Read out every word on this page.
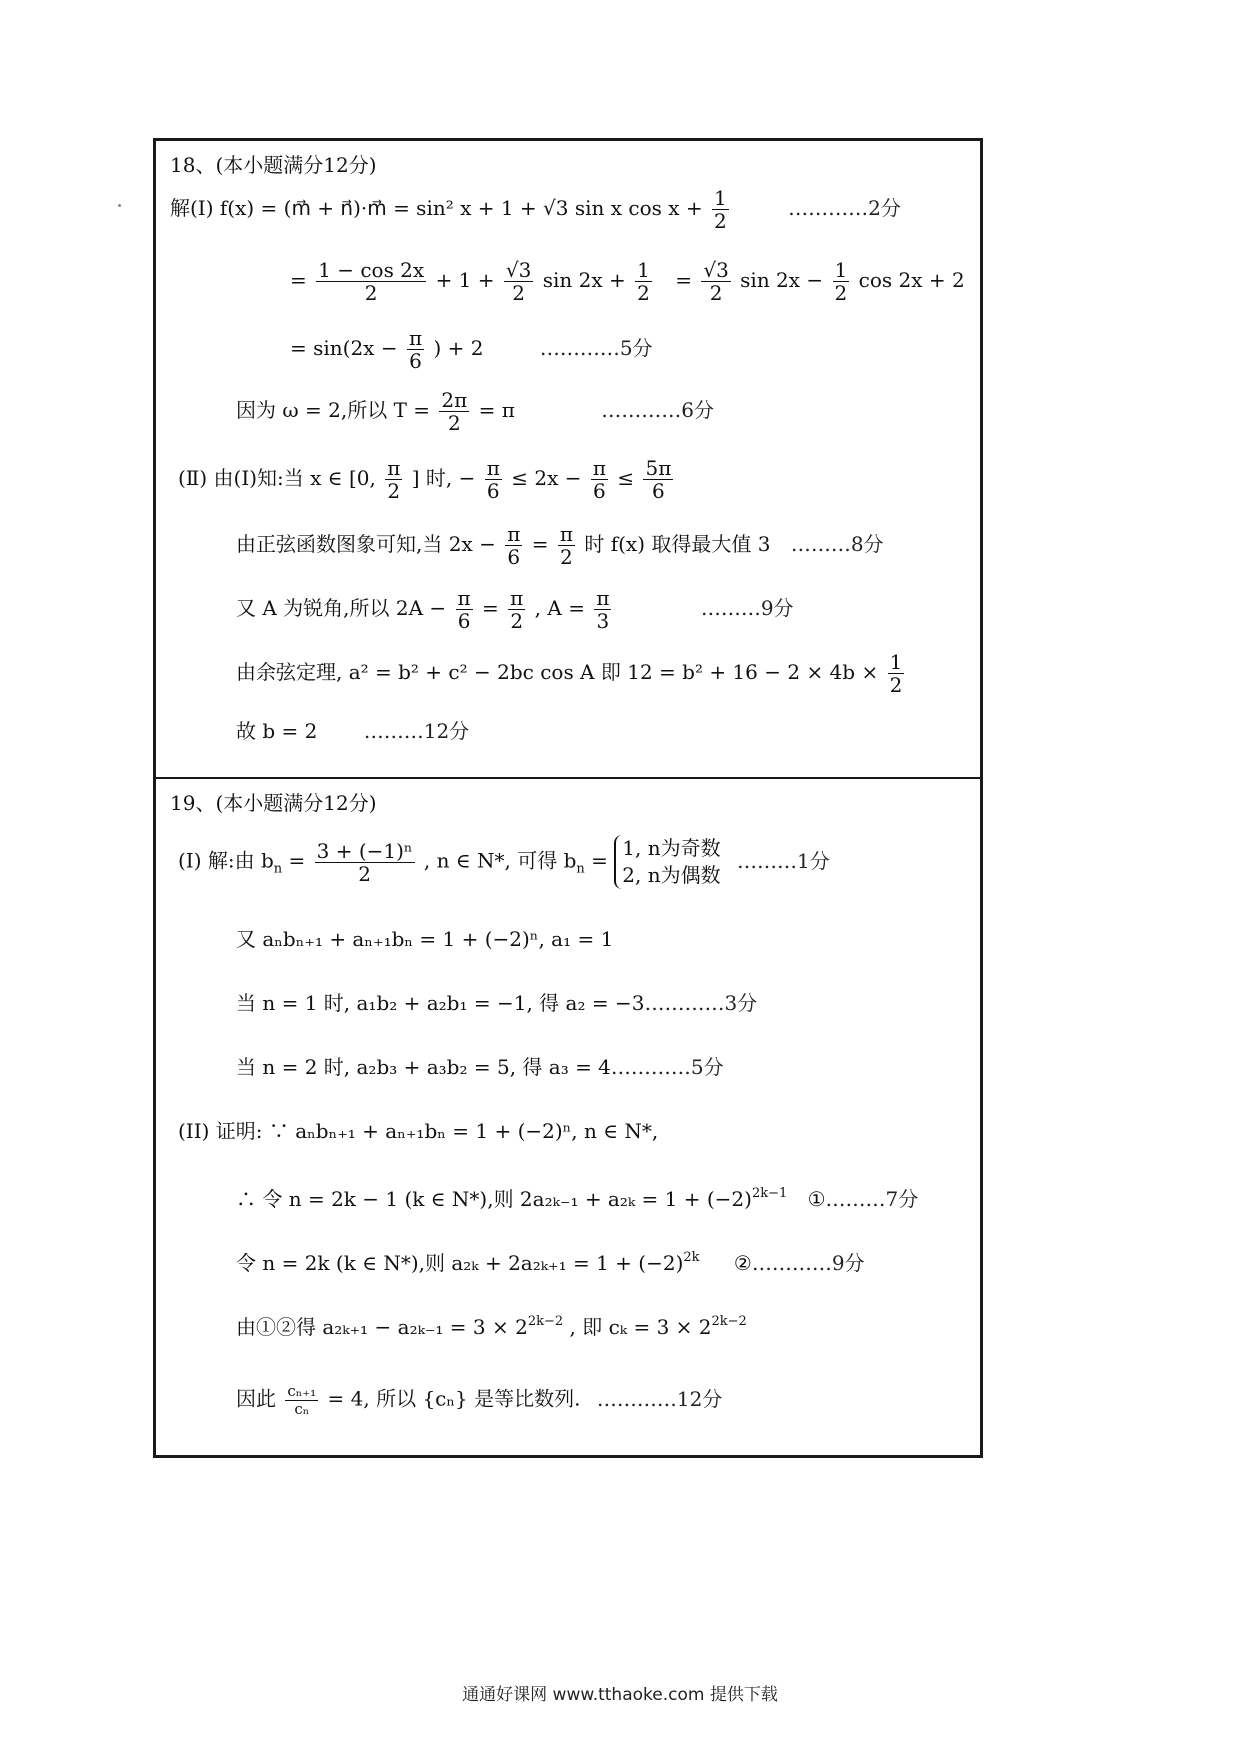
18、(本小题满分12分)
解(Ⅰ) f(x) = (m⃗ + n⃗)·m⃗ = sin² x + 1 + √3 sin x $\cos x + \frac{1}{2}$	…………2分
= $\frac{1 - \cos 2x}{2} + 1 + \frac{√3}{2}$ $\sin 2x + \frac{1}{2} = \frac{√3}{2}$ $\sin 2x - \frac{1}{2}$ cos 2x + 2
= $\sin(2x - \frac{\pi}{6}$ ) + 2	…………5分
因为 ω = 2,所以 $T = \frac{2\pi}{2} = \pi$	…………6分
(Ⅱ) 由(Ⅰ)知:当 x ∈ [0, $\frac{\pi}{2}$ ] 时, − $\frac{\pi}{6} \le 2x - \frac{\pi}{6} \le \frac{5\pi}{6}$
由正弦函数图象可知,当 $2x - \frac{\pi}{6} = \frac{\pi}{2}$ 时 f(x) 取得最大值 3 ………8分
又 A 为锐角,所以 $2A - \frac{\pi}{6} = \frac{\pi}{2}$ , $A = \frac{\pi}{3}$	………9分
由余弦定理, a² = b² + c² − 2bc cos A 即 $12 = b^2 + 16 - 2 \times 4b \times \frac{1}{2}$
故 b = 2 ………12分
19、(本小题满分12分)
(I) 解:由 $b_n = \frac{\text{3 + (−1)ⁿ}}{2}$ , n ∈ N*, 可得 $b_n$ =
1, n为奇数
2, n为偶数
………1分
又 aₙbₙ₊₁ + aₙ₊₁bₙ = 1 + (−2)ⁿ, a₁ = 1
当 n = 1 时, a₁b₂ + a₂b₁ = −1, 得 a₂ = −3…………3分
当 n = 2 时, a₂b₃ + a₃b₂ = 5, 得 a₃ = 4…………5分
(II) 证明: ∵ aₙbₙ₊₁ + aₙ₊₁bₙ = 1 + (−2)ⁿ, n ∈ N*,
∴ 令 n = 2k − 1 (k ∈ N*),则 $2a_{2k-1} + a_{2k} = 1 + (-2)^{2k-1}$ ①………7分
令 n = 2k (k ∈ N*),则 $a_{2k} + 2a_{2k+1} = 1 + (-2)^{2k}$ ②…………9分
由①②得 $a_{2k+1} - a_{2k-1} = 3 \times 2^{2k-2}$ , 即 $c_k = 3 \times 2^{2k-2}$
因此 $\frac{\text{cₙ₊₁}}{\text{cₙ}} = 4$, 所以 {cₙ} 是等比数列. …………12分
通通好课网 www.tthaoke.com 提供下载
